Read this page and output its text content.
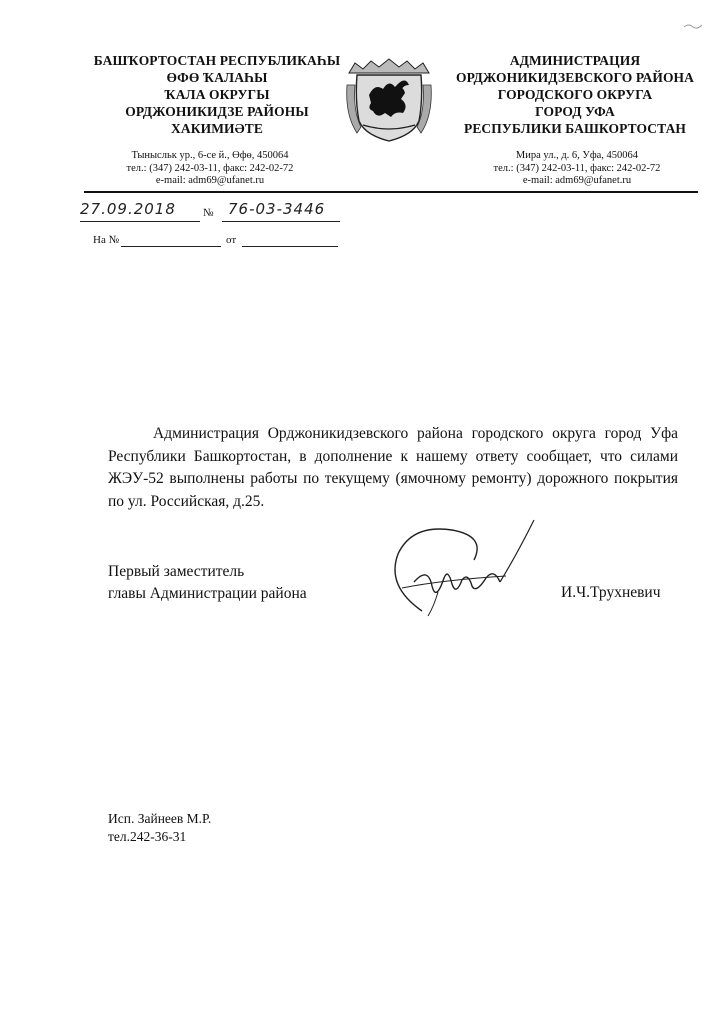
БАШҠОРТОСТАН РЕСПУБЛИКАҺЫ
ӨФӨ ҠАЛАҺЫ
ҠАЛА ОКРУГЫ
ОРДЖОНИКИДЗЕ РАЙОНЫ
ХАКИМИӘТЕ
АДМИНИСТРАЦИЯ
ОРДЖОНИКИДЗЕВСКОГО РАЙОНА
ГОРОДСКОГО ОКРУГА
ГОРОД УФА
РЕСПУБЛИКИ БАШКОРТОСТАН
Тынысльк ур., 6-се й., Өфө, 450064
тел.: (347) 242-03-11, факс: 242-02-72
e-mail: adm69@ufanet.ru
Мира ул., д. 6, Уфа, 450064
тел.: (347) 242-03-11, факс: 242-02-72
e-mail: adm69@ufanet.ru
27.09.2018 № 76-03-3446
На №	от
Администрация Орджоникидзевского района городского округа город Уфа Республики Башкортостан, в дополнение к нашему ответу сообщает, что силами ЖЭУ-52 выполнены работы по текущему (ямочному ремонту) дорожного покрытия по ул. Российская, д.25.
Первый заместитель
главы Администрации района	И.Ч.Трухневич
Исп. Зайнеев М.Р.
тел.242-36-31
